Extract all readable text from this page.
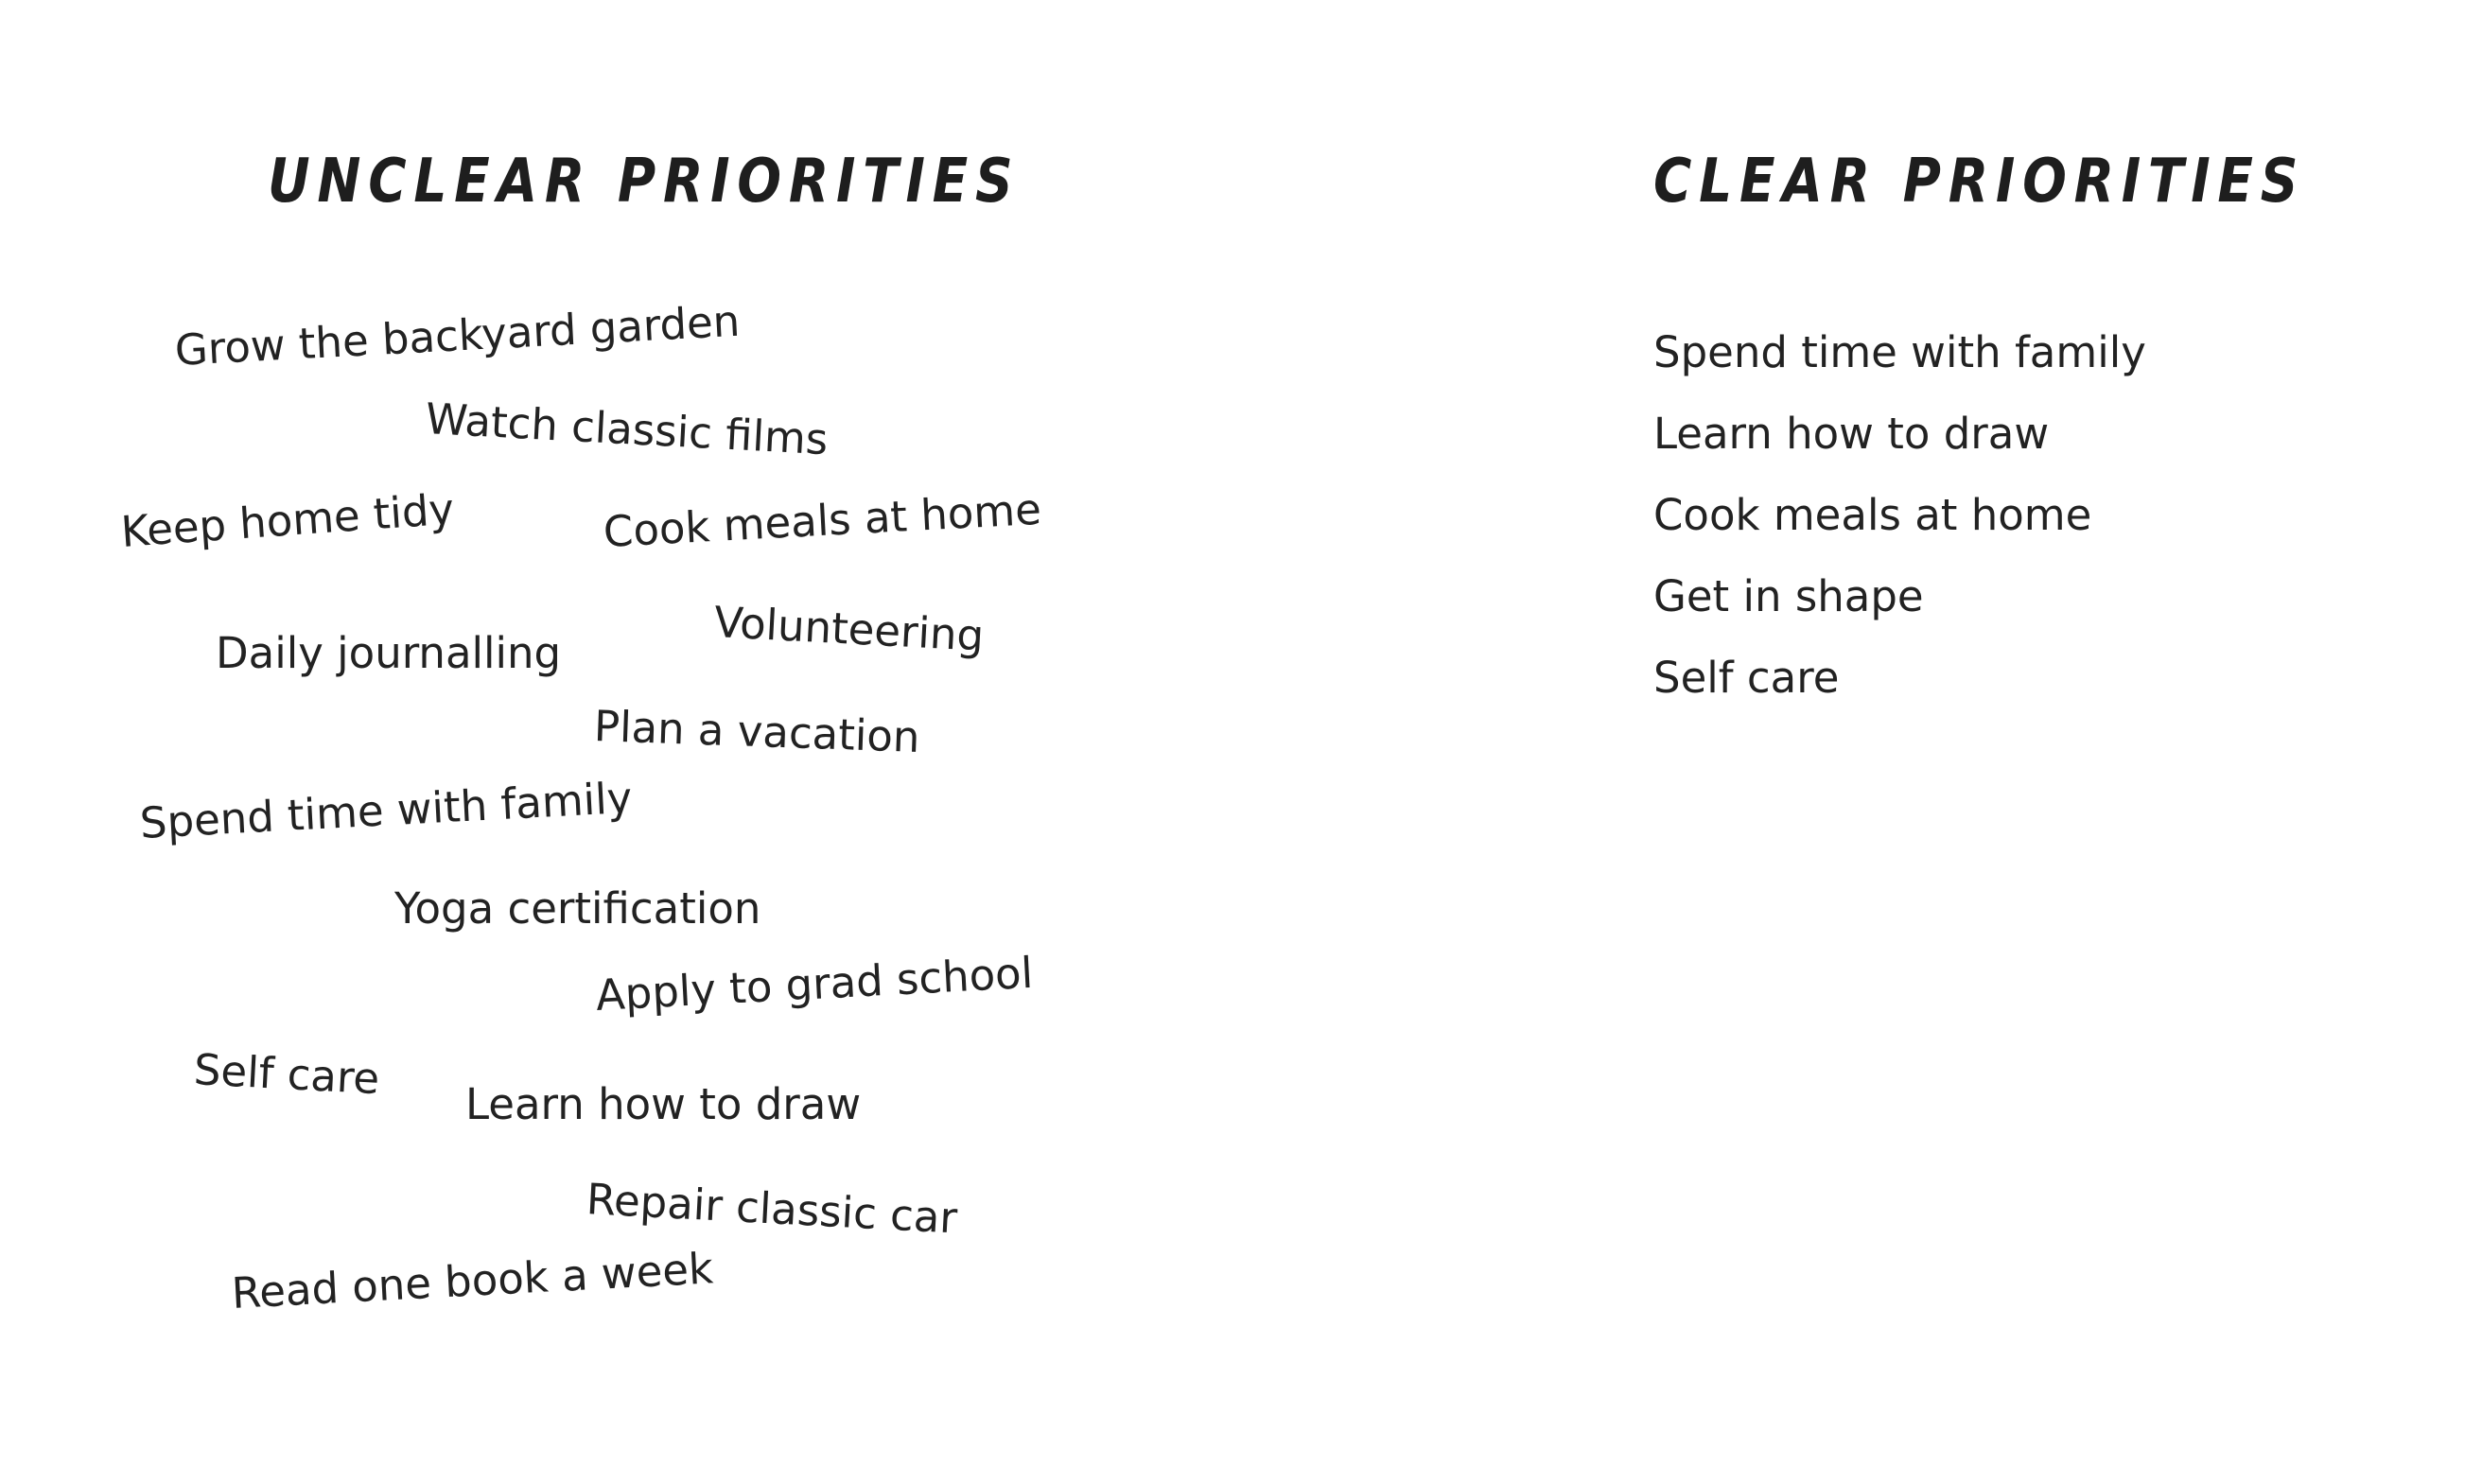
UNCLEAR PRIORITIES	CLEAR PRIORITIES
Grow the backyard garden
Watch classic films
Keep home tidy	Cook meals at home
Volunteering
Daily journalling
Plan a vacation
Spend time with family
Yoga certification
Apply to grad school
Self care
Learn how to draw
Repair classic car
Read one book a week
Spend time with family
Learn how to draw
Cook meals at home
Get in shape
Self care
